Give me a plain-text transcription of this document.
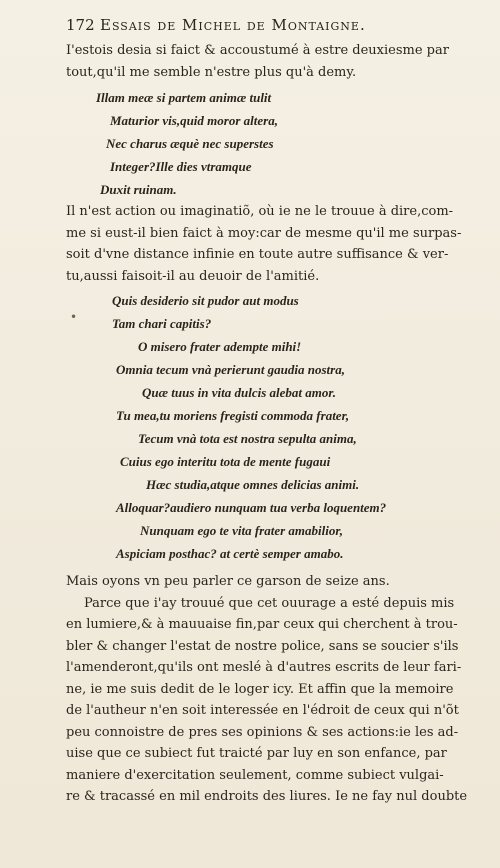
172 Essais de Michel de Montaigne.
I'estois desia si faict & accoustumé à estre deuxiesme par
tout,qu'il me semble n'estre plus qu'à demy.
Illam meæ si partem animæ tulit
Maturior vis,quid moror altera,
Nec charus æquè nec superstes
Integer?Ille dies vtramque
Duxit ruinam.
Il n'est action ou imaginatiõ, où ie ne le trouue à dire,com-
me si eust-il bien faict à moy:car de mesme qu'il me surpas-
soit d'vne distance infinie en toute autre suffisance & ver-
tu,aussi faisoit-il au deuoir de l'amitié.
Quis desiderio sit pudor aut modus
Tam chari capitis?
O misero frater adempte mihi!
Omnia tecum vnà perierunt gaudia nostra,
Quæ tuus in vita dulcis alebat amor.
Tu mea,tu moriens fregisti commoda frater,
Tecum vnà tota est nostra sepulta anima,
Cuius ego interitu tota de mente fugaui
Hæc studia,atque omnes delicias animi.
Alloquar?audiero nunquam tua verba loquentem?
Nunquam ego te vita frater amabilior,
Aspiciam posthac? at certè semper amabo.
Mais oyons vn peu parler ce garson de seize ans.
Parce que i'ay trouué que cet ouurage a esté depuis mis
en lumiere,& à mauuaise fin,par ceux qui cherchent à trou-
bler & changer l'estat de nostre police, sans se soucier s'ils
l'amenderont,qu'ils ont meslé à d'autres escrits de leur fari-
ne, ie me suis dedit de le loger icy. Et affin que la memoire
de l'autheur n'en soit interessée en l'édroit de ceux qui n'õt
peu connoistre de pres ses opinions & ses actions:ie les ad-
uise que ce subiect fut traicté par luy en son enfance, par
maniere d'exercitation seulement, comme subiect vulgai-
re & tracassé en mil endroits des liures. Ie ne fay nul doubte
•
